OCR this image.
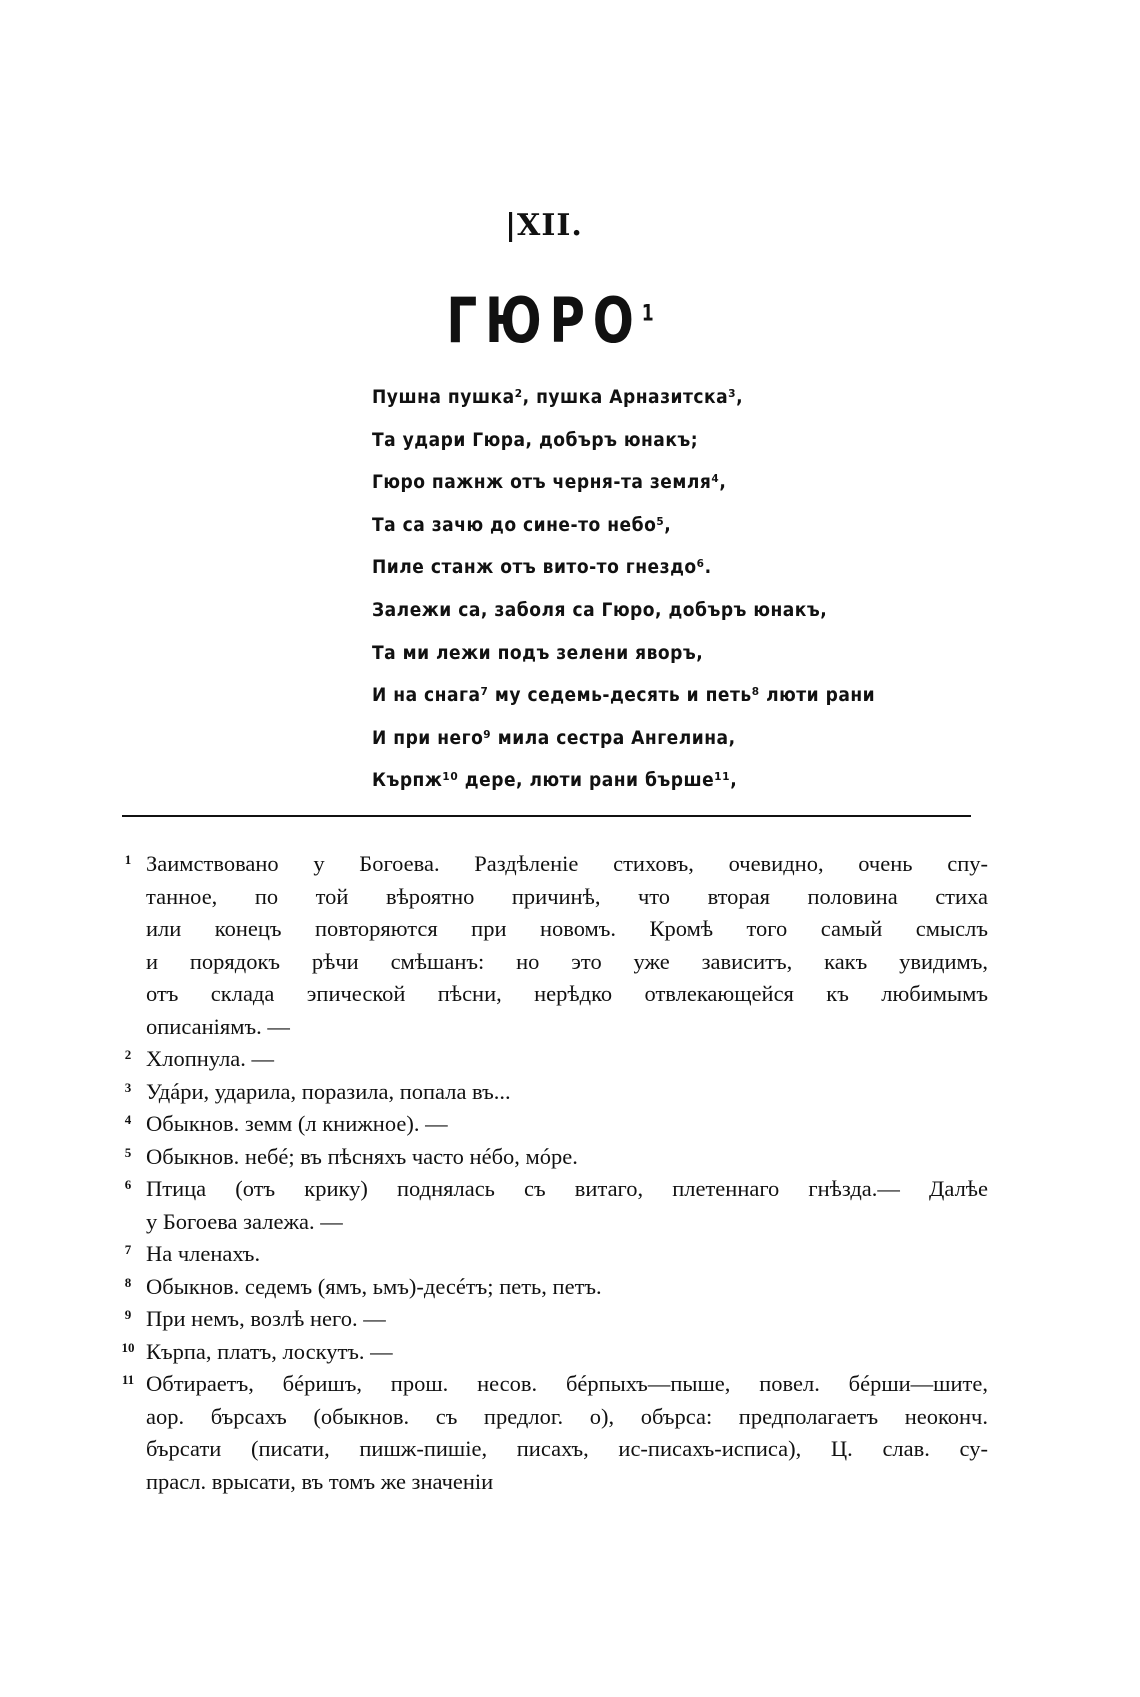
|XII.
ГЮРО$^1$
Пушна пушка², пушка Арназитска³,
Та удари Гюра, добъръ юнакъ;
Гюро пажнж отъ черня-та земля⁴,
Та са зачю до сине-то небо⁵,
Пиле станж отъ вито-то гнездо⁶.
Залежи са, заболя са Гюро, добъръ юнакъ,
Та ми лежи подъ зелени яворъ,
И на снага⁷ му седемь-десять и петь⁸ люти рани
И при него⁹ мила сестра Ангелина,
Кърпж¹⁰ дере, люти рани бърше¹¹,
1 Заимствовано у Богоева. Раздѣленіе стиховъ, очевидно, очень спу-
танное, по той вѣроятно причинѣ, что вторая половина стиха
или конецъ повторяются при новомъ. Кромѣ того самый смыслъ
и порядокъ рѣчи смѣшанъ: но это уже зависитъ, какъ увидимъ,
отъ склада эпической пѣсни, нерѣдко отвлекающейся къ любимымъ
описаніямъ. —
2 Хлопнула. —
3 Удáри, ударила, поразила, попала въ...
4 Обыкнов. земм (л книжное). —
5 Обыкнов. небé; въ пѣсняхъ часто нéбо, мóре.
6 Птица (отъ крику) поднялась съ витаго, плетеннаго гнѣзда.— Далѣе
у Богоева залежа. —
7 На членахъ.
8 Обыкнов. седемъ (ямъ, ьмъ)-десéтъ; петь, петъ.
9 При немъ, возлѣ него. —
10 Кърпа, платъ, лоскутъ. —
11 Обтираетъ, бéришъ, прош. несов. бéрпыхъ—пыше, повел. бéрши—шите,
аор. бърсахъ (обыкнов. съ предлог. о), обърса: предполагаетъ неоконч.
бърсати (писати, пишж-пишіе, писахъ, ис-писахъ-исписа), Ц. слав. су-
прасл. врысати, въ томъ же значеніи
